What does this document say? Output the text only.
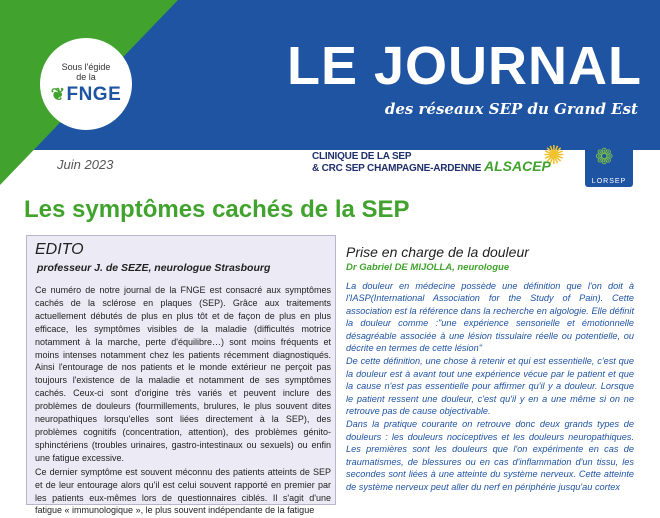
LE JOURNAL
des réseaux SEP du Grand Est
Sous l'égide
de la
❦ FNGE
Juin 2023
CLINIQUE DE LA SEP
& CRC SEP CHAMPAGNE-ARDENNE ALSACEP
✺ ❁
LORSEP
Les symptômes cachés de la SEP
EDITO
professeur J. de SEZE, neurologue Strasbourg

Ce numéro de notre journal de la FNGE est consacré aux symptômes cachés de la sclérose en plaques (SEP). Grâce aux traitements actuellement débutés de plus en plus tôt et de façon de plus en plus efficace, les symptômes visibles de la maladie (difficultés motrice notamment à la marche, perte d'équilibre…) sont moins fréquents et moins intenses notamment chez les patients récemment diagnostiqués. Ainsi l'entourage de nos patients et le monde extérieur ne perçoit pas toujours l'existence de la maladie et notamment de ses symptômes cachés. Ceux-ci sont d'origine très variés et peuvent inclure des problèmes de douleurs (fourmillements, brulures, le plus souvent dites neuropathiques lorsqu'elles sont liées directement à la SEP), des problèmes cognitifs (concentration, attention), des problèmes génito-sphinctériens (troubles urinaires, gastro-intestinaux ou sexuels) ou enfin une fatigue excessive.

Ce dernier symptôme est souvent méconnu des patients atteints de SEP et de leur entourage alors qu'il est celui souvent rapporté en premier par les patients eux-mêmes lors de questionnaires ciblés. Il s'agit d'une fatigue « immunologique », le plus souvent indépendante de la fatigue

Prise en charge de la douleur
Dr Gabriel DE MIJOLLA, neurologue

La douleur en médecine possède une définition que l'on doit à l'IASP(International Association for the Study of Pain). Cette association est la référence dans la recherche en algologie. Elle définit la douleur comme :"une expérience sensorielle et émotionnelle désagréable associée à une lésion tissulaire réelle ou potentielle, ou décrite en termes de cette lésion"

De cette définition, une chose à retenir et qui est essentielle, c'est que la douleur est à avant tout une expérience vécue par le patient et que la cause n'est pas essentielle pour affirmer qu'il y a douleur. Lorsque le patient ressent une douleur, c'est qu'il y en a une même si on ne retrouve pas de cause objectivable.

Dans la pratique courante on retrouve donc deux grands types de douleurs : les douleurs nociceptives et les douleurs neuropathiques. Les premières sont les douleurs que l'on expérimente en cas de traumatismes, de blessures ou en cas d'inflammation d'un tissu, les secondes sont liées à une atteinte du système nerveux. Cette atteinte de système nerveux peut aller du nerf en périphérie jusqu'au cortex
